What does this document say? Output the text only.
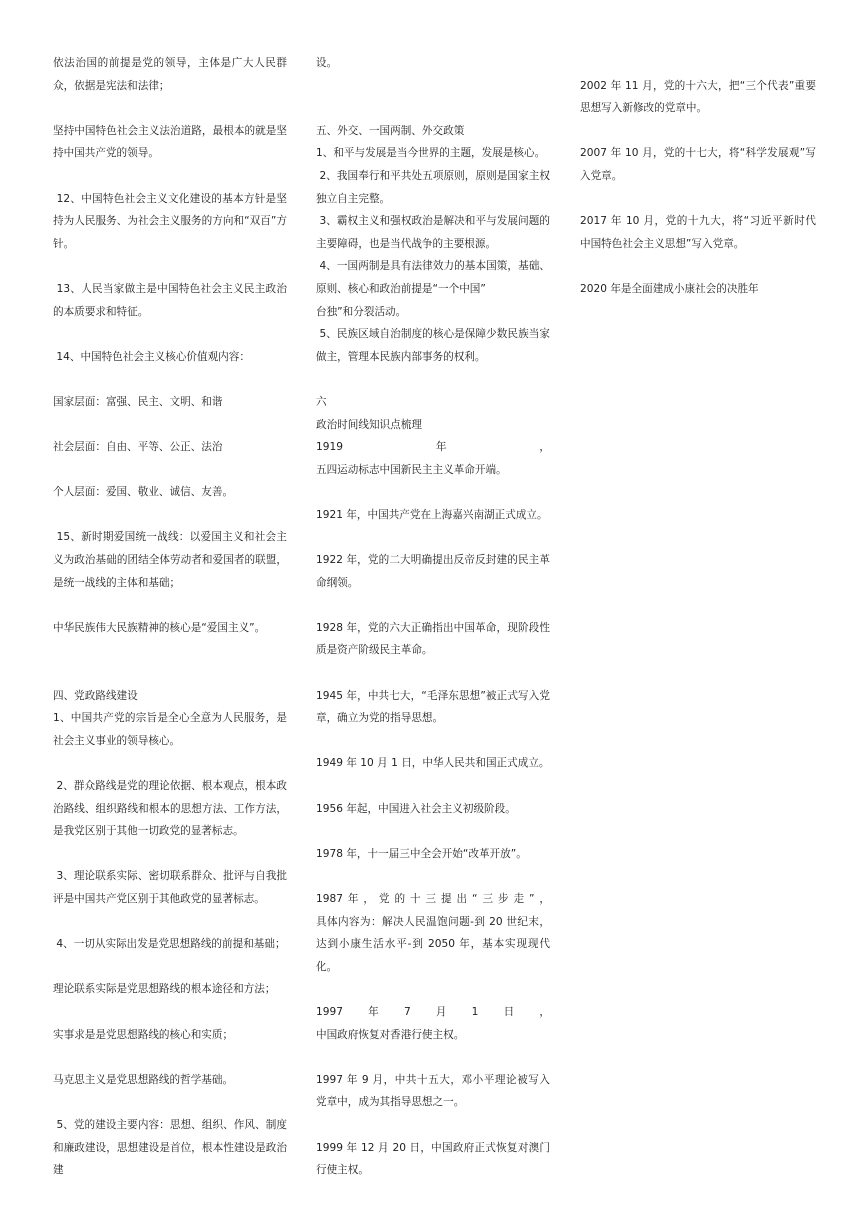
依法治国的前提是党的领导，主体是广大人民群众，依据是宪法和法律；

坚持中国特色社会主义法治道路，最根本的就是坚持中国共产党的领导。

12、中国特色社会主义文化建设的基本方针是坚持为人民服务、为社会主义服务的方向和“双百”方针。

13、人民当家做主是中国特色社会主义民主政治的本质要求和特征。

14、中国特色社会主义核心价值观内容：

国家层面：富强、民主、文明、和谐

社会层面：自由、平等、公正、法治

个人层面：爱国、敬业、诚信、友善。

15、新时期爱国统一战线：以爱国主义和社会主义为政治基础的团结全体劳动者和爱国者的联盟，是统一战线的主体和基础；

中华民族伟大民族精神的核心是“爱国主义”。

四、党政路线建设

1、中国共产党的宗旨是全心全意为人民服务，是社会主义事业的领导核心。

2、群众路线是党的理论依据、根本观点，根本政治路线、组织路线和根本的思想方法、工作方法，是我党区别于其他一切政党的显著标志。

3、理论联系实际、密切联系群众、批评与自我批评是中国共产党区别于其他政党的显著标志。

4、一切从实际出发是党思想路线的前提和基础；

理论联系实际是党思想路线的根本途径和方法；

实事求是是党思想路线的核心和实质；

马克思主义是党思想路线的哲学基础。

5、党的建设主要内容：思想、组织、作风、制度和廉政建设，思想建设是首位，根本性建设是政治建

设。

五、外交、一国两制、外交政策

1、和平与发展是当今世界的主题，发展是核心。

2、我国奉行和平共处五项原则，原则是国家主权独立自主完整。

3、霸权主义和强权政治是解决和平与发展问题的主要障碍，也是当代战争的主要根源。

4、一国两制是具有法律效力的基本国策，基础、原则、核心和政治前提是“一个中国”

台独”和分裂活动。

5、民族区域自治制度的核心是保障少数民族当家做主，管理本民族内部事务的权利。

六

政治时间线知识点梳理

1919	年	，

五四运动标志中国新民主主义革命开端。

1921 年，中国共产党在上海嘉兴南湖正式成立。

1922 年，党的二大明确提出反帝反封建的民主革命纲领。

1928 年，党的六大正确指出中国革命，现阶段性质是资产阶级民主革命。

1945 年，中共七大，“毛泽东思想”被正式写入党章，确立为党的指导思想。

1949 年 10 月 1 日，中华人民共和国正式成立。

1956 年起，中国进入社会主义初级阶段。

1978 年，十一届三中全会开始“改革开放”。

1987 年 ， 党 的 十 三 提 出 “ 三 步 走 ” ，

具体内容为：解决人民温饱问题-到 20 世纪末，达到小康生活水平-到 2050 年，基本实现现代化。

1997 年 7 月 1 日 ，

中国政府恢复对香港行使主权。

1997 年 9 月，中共十五大，邓小平理论被写入党章中，成为其指导思想之一。

1999 年 12 月 20 日，中国政府正式恢复对澳门行使主权。

2002 年 11 月，党的十六大，把“三个代表”重要思想写入新修改的党章中。

2007 年 10 月，党的十七大，将“科学发展观”写入党章。

2017 年 10 月，党的十九大，将“习近平新时代中国特色社会主义思想”写入党章。

2020 年是全面建成小康社会的决胜年
